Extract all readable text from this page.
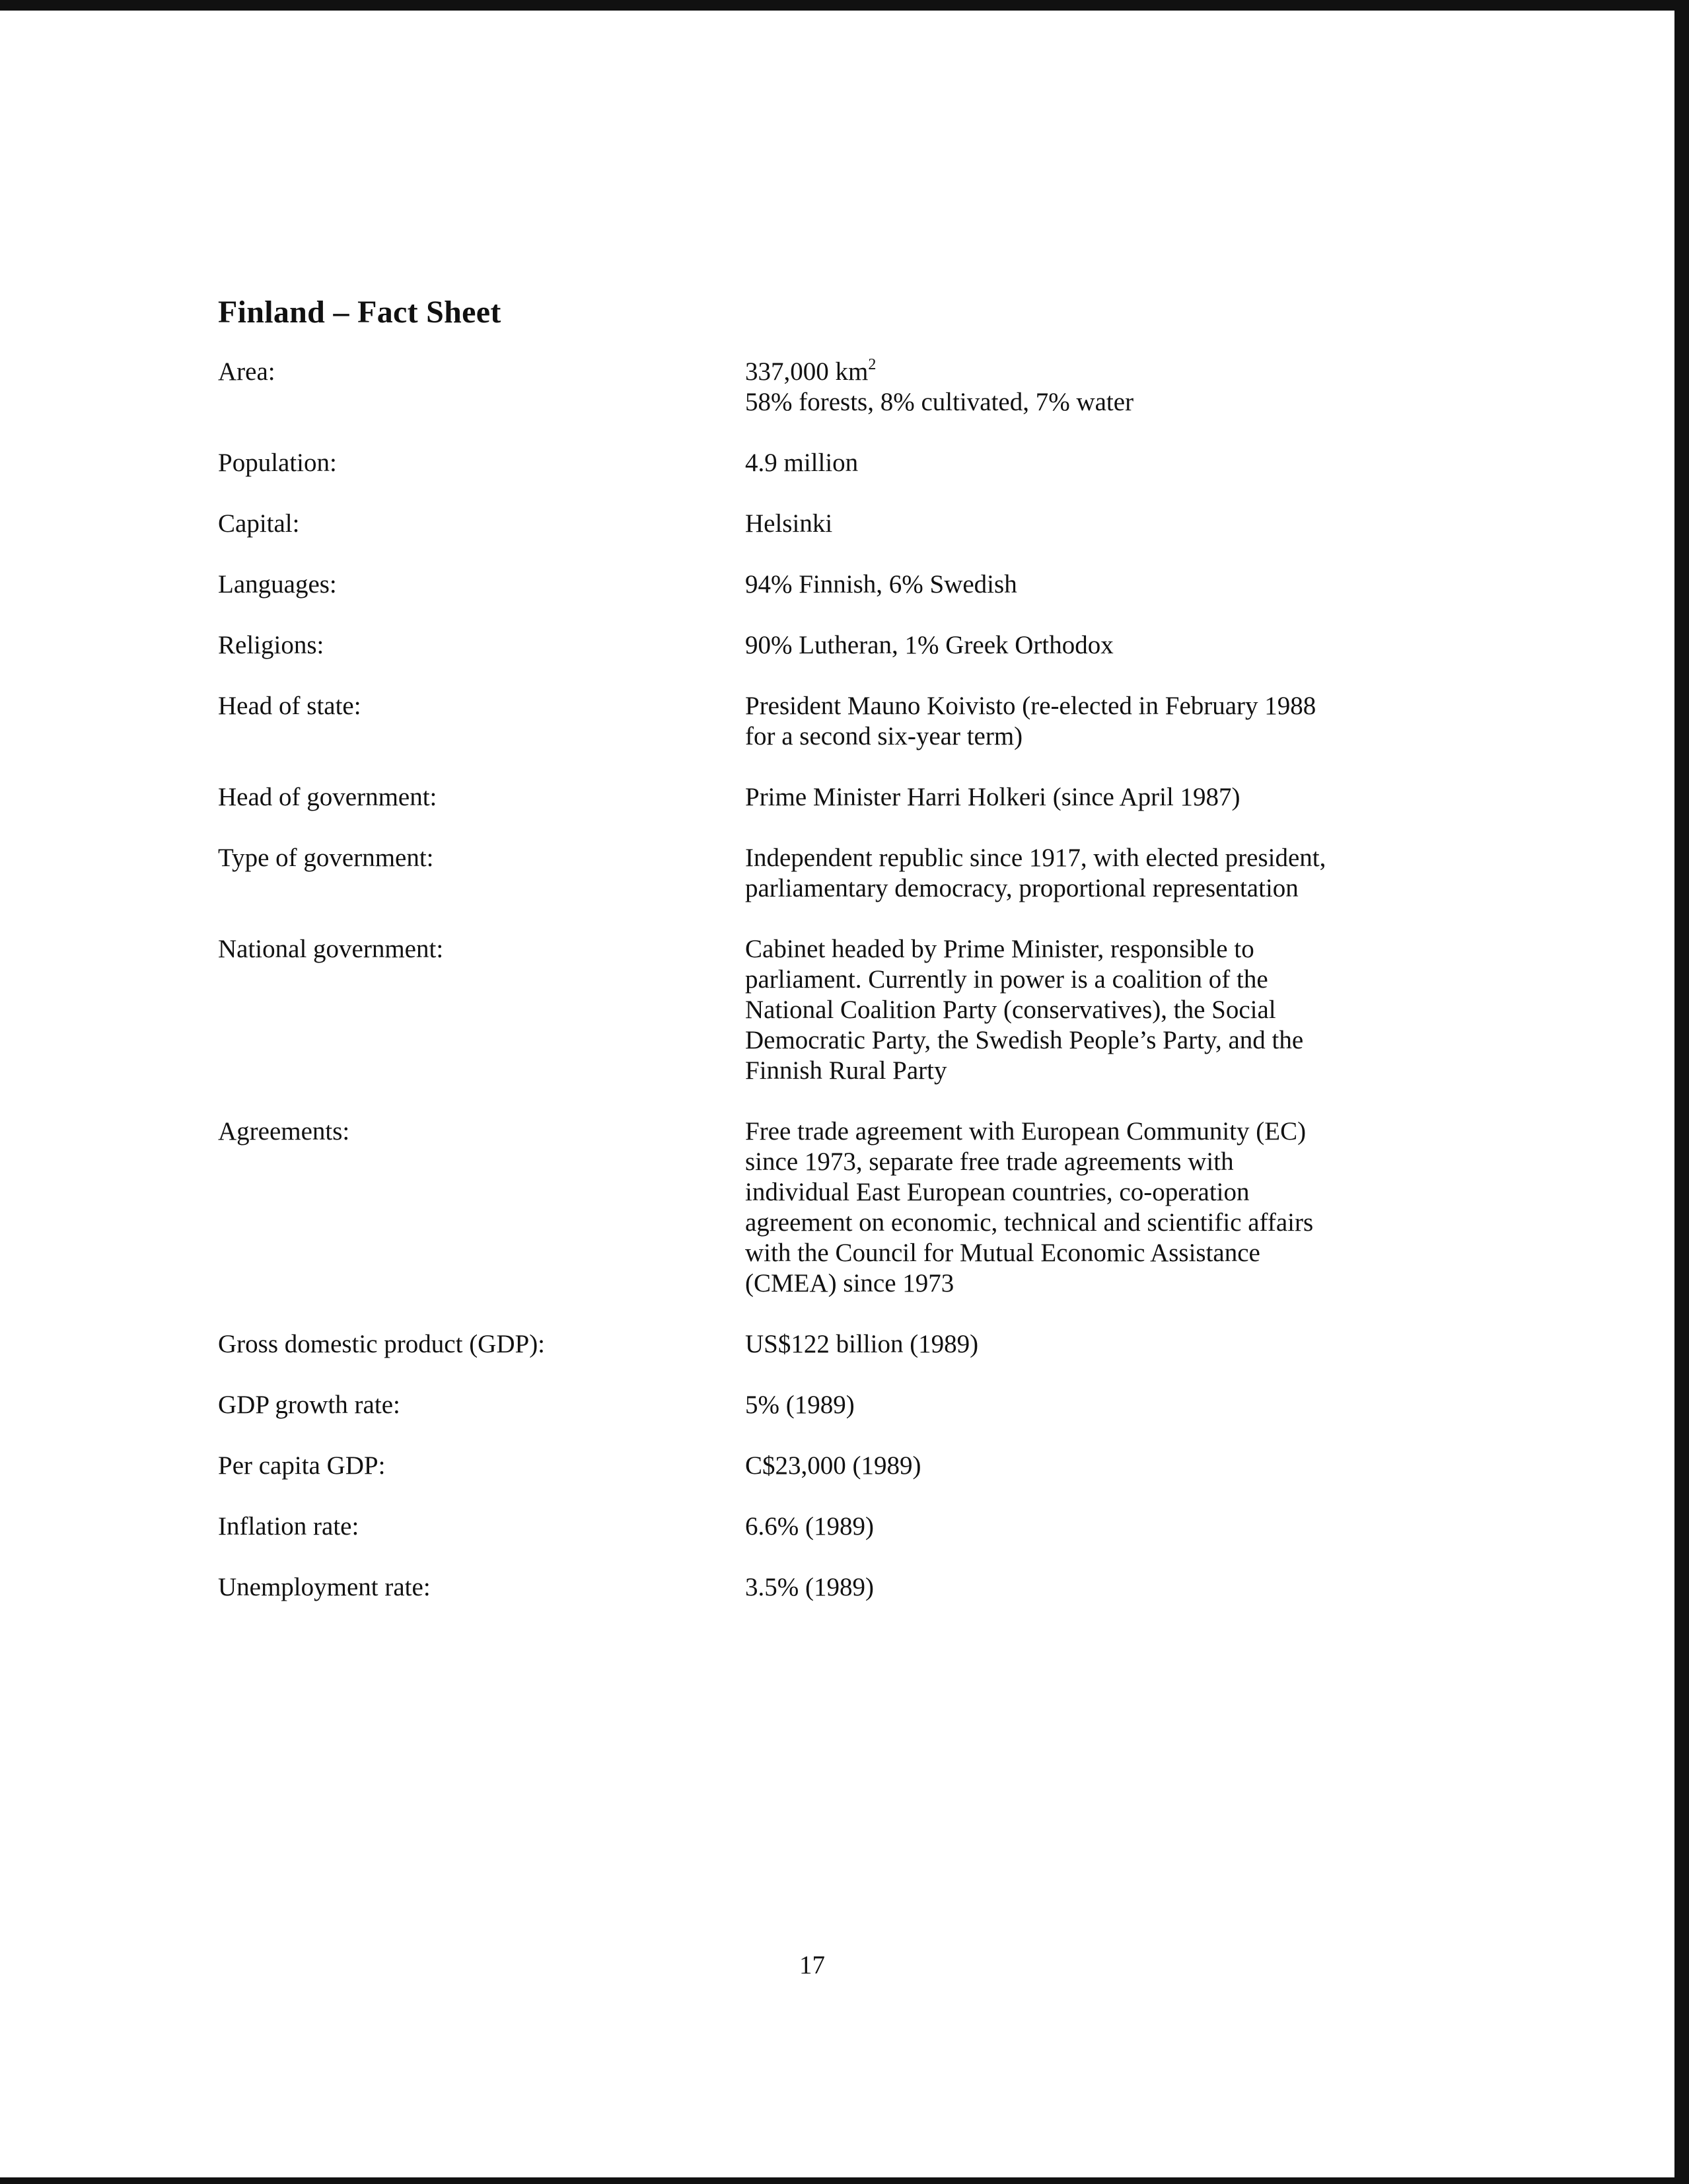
Finland – Fact Sheet
Area:	337,000 $km^2$
58% forests, 8% cultivated, 7% water
Population:	4.9 million
Capital:	Helsinki
Languages:	94% Finnish, 6% Swedish
Religions:	90% Lutheran, 1% Greek Orthodox
Head of state:	President Mauno Koivisto (re-elected in February 1988
for a second six-year term)
Head of government:	Prime Minister Harri Holkeri (since April 1987)
Type of government:	Independent republic since 1917, with elected president,
parliamentary democracy, proportional representation
National government:	Cabinet headed by Prime Minister, responsible to
parliament. Currently in power is a coalition of the
National Coalition Party (conservatives), the Social
Democratic Party, the Swedish People’s Party, and the
Finnish Rural Party
Agreements:	Free trade agreement with European Community (EC)
since 1973, separate free trade agreements with
individual East European countries, co-operation
agreement on economic, technical and scientific affairs
with the Council for Mutual Economic Assistance
(CMEA) since 1973
Gross domestic product (GDP):	US$122 billion (1989)
GDP growth rate:	5% (1989)
Per capita GDP:	C$23,000 (1989)
Inflation rate:	6.6% (1989)
Unemployment rate:	3.5% (1989)
17
